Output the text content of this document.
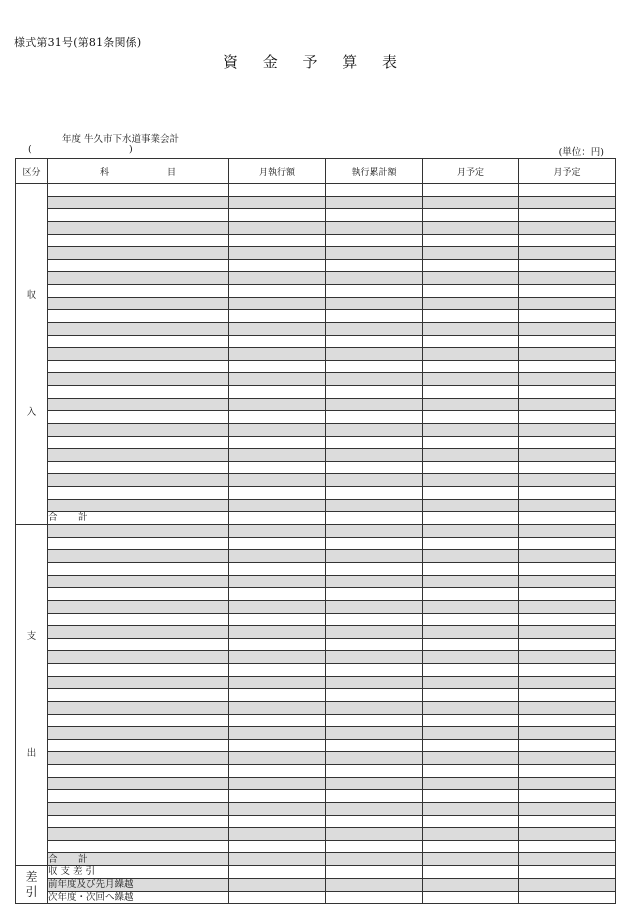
様式第31号(第81条関係)
資 金 予 算 表
年度 牛久市下水道事業会計
(	)	(単位：円)
区分	科 目	月執行額	執行累計額	月予定	月予定

収
入					

	合 計				

支
出					

	合 計				

差
引	収 支 差 引				
	前年度及び先月繰越				
	次年度・次回へ繰越				
